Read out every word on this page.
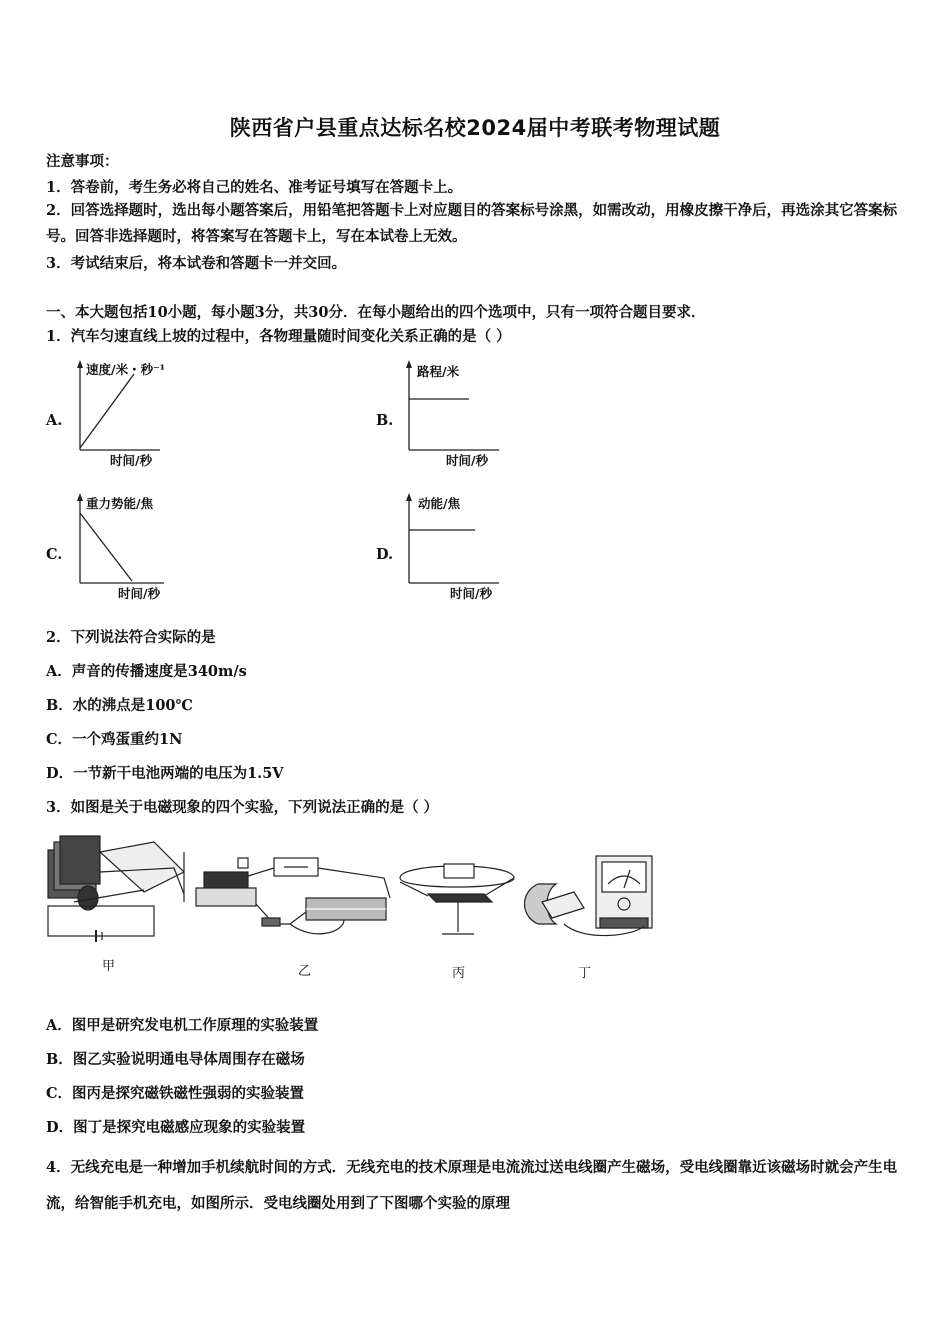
陕西省户县重点达标名校2024届中考联考物理试题
注意事项：
1．答卷前，考生务必将自己的姓名、准考证号填写在答题卡上。
2．回答选择题时，选出每小题答案后，用铅笔把答题卡上对应题目的答案标号涂黑，如需改动，用橡皮擦干净后，再选涂其它答案标号。回答非选择题时，将答案写在答题卡上，写在本试卷上无效。
3．考试结束后，将本试卷和答题卡一并交回。
一、本大题包括10小题，每小题3分，共30分．在每小题给出的四个选项中，只有一项符合题目要求．
1．汽车匀速直线上坡的过程中，各物理量随时间变化关系正确的是（ ）
A.
速度/米・秒⁻¹
时间/秒
B.
路程/米
时间/秒
C.
重力势能/焦
时间/秒
D.
动能/焦
时间/秒
2．下列说法符合实际的是
A．声音的传播速度是340m/s
B．水的沸点是100℃
C．一个鸡蛋重约1N
D．一节新干电池两端的电压为1.5V
3．如图是关于电磁现象的四个实验，下列说法正确的是（ ）
甲	乙	丙	丁
A．图甲是研究发电机工作原理的实验装置
B．图乙实验说明通电导体周围存在磁场
C．图丙是探究磁铁磁性强弱的实验装置
D．图丁是探究电磁感应现象的实验装置
4．无线充电是一种增加手机续航时间的方式．无线充电的技术原理是电流流过送电线圈产生磁场，受电线圈靠近该磁场时就会产生电流，给智能手机充电，如图所示．受电线圈处用到了下图哪个实验的原理
